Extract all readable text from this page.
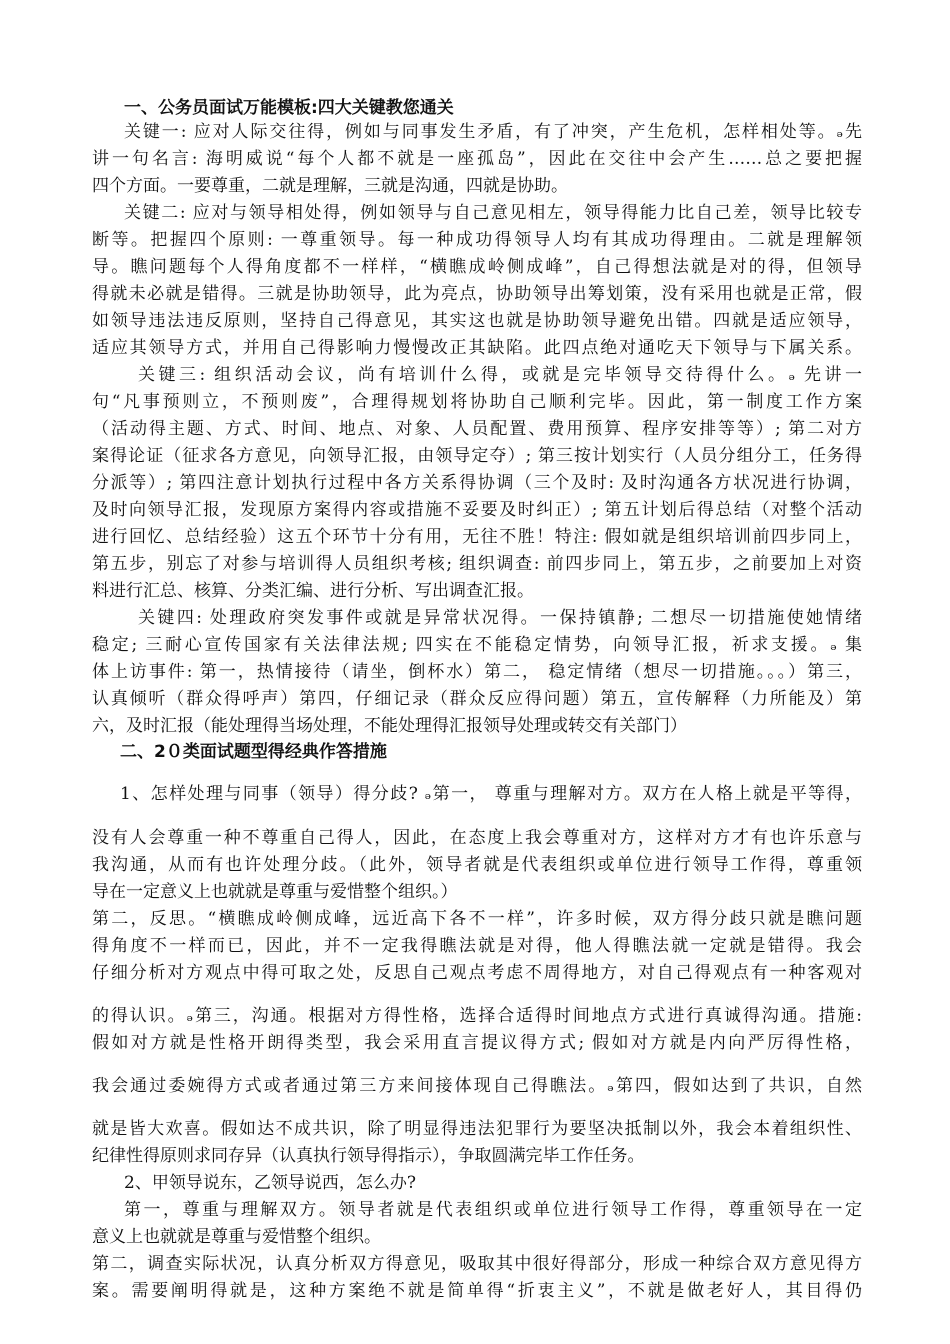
一、公务员面试万能模板:四大关键教您通关
关键一: 应对人际交往得，例如与同事发生矛盾，有了冲突，产生危机，怎样相处等。ₔ先
讲一句名言: 海明威说“每个人都不就是一座孤岛”，因此在交往中会产生……总之要把握
四个方面。一要尊重，二就是理解，三就是沟通，四就是协助。
关键二: 应对与领导相处得，例如领导与自己意见相左，领导得能力比自己差，领导比较专
断等。把握四个原则: 一尊重领导。每一种成功得领导人均有其成功得理由。二就是理解领
导。瞧问题每个人得角度都不一样样，“横瞧成岭侧成峰”，自己得想法就是对的得，但领导
得就未必就是错得。三就是协助领导，此为亮点，协助领导出筹划策，没有采用也就是正常，假
如领导违法违反原则，坚持自己得意见，其实这也就是协助领导避免出错。四就是适应领导，
适应其领导方式，并用自己得影响力慢慢改正其缺陷。此四点绝对通吃天下领导与下属关系。
关键三: 组织活动会议，尚有培训什么得，或就是完毕领导交待得什么。ₔ 先讲一
句“凡事预则立，不预则废”，合理得规划将协助自己顺利完毕。因此，第一制度工作方案
（活动得主题、方式、时间、地点、对象、人员配置、费用预算、程序安排等等）; 第二对方
案得论证（征求各方意见，向领导汇报，由领导定夺）; 第三按计划实行（人员分组分工，任务得
分派等）; 第四注意计划执行过程中各方关系得协调（三个及时: 及时沟通各方状况进行协调，
及时向领导汇报，发现原方案得内容或措施不妥要及时纠正）; 第五计划后得总结（对整个活动
进行回忆、总结经验）这五个环节十分有用，无往不胜！特注: 假如就是组织培训前四步同上，
第五步，别忘了对参与培训得人员组织考核; 组织调查: 前四步同上，第五步，之前要加上对资
料进行汇总、核算、分类汇编、进行分析、写出调查汇报。
关键四: 处理政府突发事件或就是异常状况得。一保持镇静; 二想尽一切措施使她情绪
稳定; 三耐心宣传国家有关法律法规; 四实在不能稳定情势，向领导汇报，祈求支援。ₔ 集
体上访事件: 第一，热情接待（请坐，倒杯水）第二， 稳定情绪（想尽一切措施。。。）第三，
认真倾听（群众得呼声）第四，仔细记录（群众反应得问题）第五，宣传解释（力所能及）第
六，及时汇报（能处理得当场处理，不能处理得汇报领导处理或转交有关部门）
二、2０类面试题型得经典作答措施
1、怎样处理与同事（领导）得分歧? ₔ第一， 尊重与理解对方。双方在人格上就是平等得，
没有人会尊重一种不尊重自己得人，因此，在态度上我会尊重对方，这样对方才有也许乐意与
我沟通，从而有也许处理分歧。（此外，领导者就是代表组织或单位进行领导工作得，尊重领
导在一定意义上也就就是尊重与爱惜整个组织。）
第二，反思。“横瞧成岭侧成峰，远近高下各不一样”，许多时候，双方得分歧只就是瞧问题
得角度不一样而已，因此，并不一定我得瞧法就是对得，他人得瞧法就一定就是错得。我会
仔细分析对方观点中得可取之处，反思自己观点考虑不周得地方，对自己得观点有一种客观对
的得认识。ₔ第三，沟通。根据对方得性格，选择合适得时间地点方式进行真诚得沟通。措施:
假如对方就是性格开朗得类型，我会采用直言提议得方式; 假如对方就是内向严厉得性格，
我会通过委婉得方式或者通过第三方来间接体现自己得瞧法。ₔ第四，假如达到了共识，自然
就是皆大欢喜。假如达不成共识，除了明显得违法犯罪行为要坚决抵制以外，我会本着组织性、
纪律性得原则求同存异（认真执行领导得指示），争取圆满完毕工作任务。
2、甲领导说东，乙领导说西，怎么办?
第一，尊重与理解双方。领导者就是代表组织或单位进行领导工作得，尊重领导在一定
意义上也就就是尊重与爱惜整个组织。
第二，调查实际状况，认真分析双方得意见，吸取其中很好得部分，形成一种综合双方意见得方
案。需要阐明得就是，这种方案绝不就是简单得“折衷主义”，不就是做老好人，其目得仍
